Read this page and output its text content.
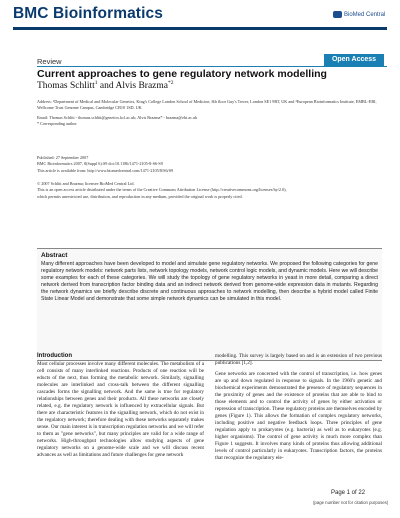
BMC Bioinformatics	BioMed Central
Review	Open Access
Current approaches to gene regulatory network modelling
Thomas Schlitt$^1$ and Alvis Brazma$^{*2}$
Address: ¹Department of Medical and Molecular Genetics, King's College London School of Medicine, 8th floor Guy's Tower, London SE1 9RT, UK and ²European Bioinformatics Institute, EMBL-EBI, Wellcome Trust Genome Campus, Cambridge CB10 1SD, UK
Email: Thomas Schlitt - thomas.schlitt@genetics.kcl.ac.uk; Alvis Brazma* - brazma@ebi.ac.uk
* Corresponding author
Published: 27 September 2007
BMC Bioinformatics 2007, 8(Suppl 6):S9 doi:10.1186/1471-2105-8-S6-S9
This article is available from: http://www.biomedcentral.com/1471-2105/8/S6/S9
© 2007 Schlitt and Brazma; licensee BioMed Central Ltd.
This is an open access article distributed under the terms of the Creative Commons Attribution License (http://creativecommons.org/licenses/by/2.0),
which permits unrestricted use, distribution, and reproduction in any medium, provided the original work is properly cited.
Abstract
Many different approaches have been developed to model and simulate gene regulatory networks. We proposed the following categories for gene regulatory network models: network parts lists, network topology models, network control logic models, and dynamic models. Here we will describe some examples for each of these categories. We will study the topology of gene regulatory networks in yeast in more detail, comparing a direct network derived from transcription factor binding data and an indirect network derived from genome-wide expression data in mutants. Regarding the network dynamics we briefly describe discrete and continuous approaches to network modelling, then describe a hybrid model called Finite State Linear Model and demonstrate that some simple network dynamics can be simulated in this model.
Introduction

Most cellular processes involve many different molecules. The metabolism of a cell consists of many interlinked reactions. Products of one reaction will be educts of the next, thus forming the metabolic network. Similarly, signalling molecules are interlinked and cross-talk between the different signalling cascades forms the signalling network. And the same is true for regulatory relationships between genes and their products. All these networks are closely related, e.g. the regulatory network is influenced by extracellular signals. But there are characteristic features in the signalling network, which do not exist in the regulatory network; therefore dealing with these networks separately makes sense. Our main interest is in transcription regulation networks and we will refer to them as "gene networks", but many principles are valid for a wide range of networks. High-throughput technologies allow studying aspects of gene regulatory networks on a genome-wide scale and we will discuss recent advances as well as limitations and future challenges for gene network

modelling. This survey is largely based on and is an extension of two previous publications [1,2].

Gene networks are concerned with the control of transcription, i.e. how genes are up and down regulated in response to signals. In the 1960's genetic and biochemical experiments demonstrated the presence of regulatory sequences in the proximity of genes and the existence of proteins that are able to bind to those elements and to control the activity of genes by either activation or repression of transcription. These regulatory proteins are themselves encoded by genes (Figure 1). This allows the formation of complex regulatory networks, including positive and negative feedback loops. Three principles of gene regulation apply to prokaryotes (e.g. bacteria) as well as to eukaryotes (e.g. higher organisms). The control of gene activity is much more complex than Figure 1 suggests. It involves many kinds of proteins thus allowing additional levels of control particularly in eukaryotes. Transcription factors, the proteins that recognize the regulatory ele-

Page 1 of 22
(page number not for citation purposes)
